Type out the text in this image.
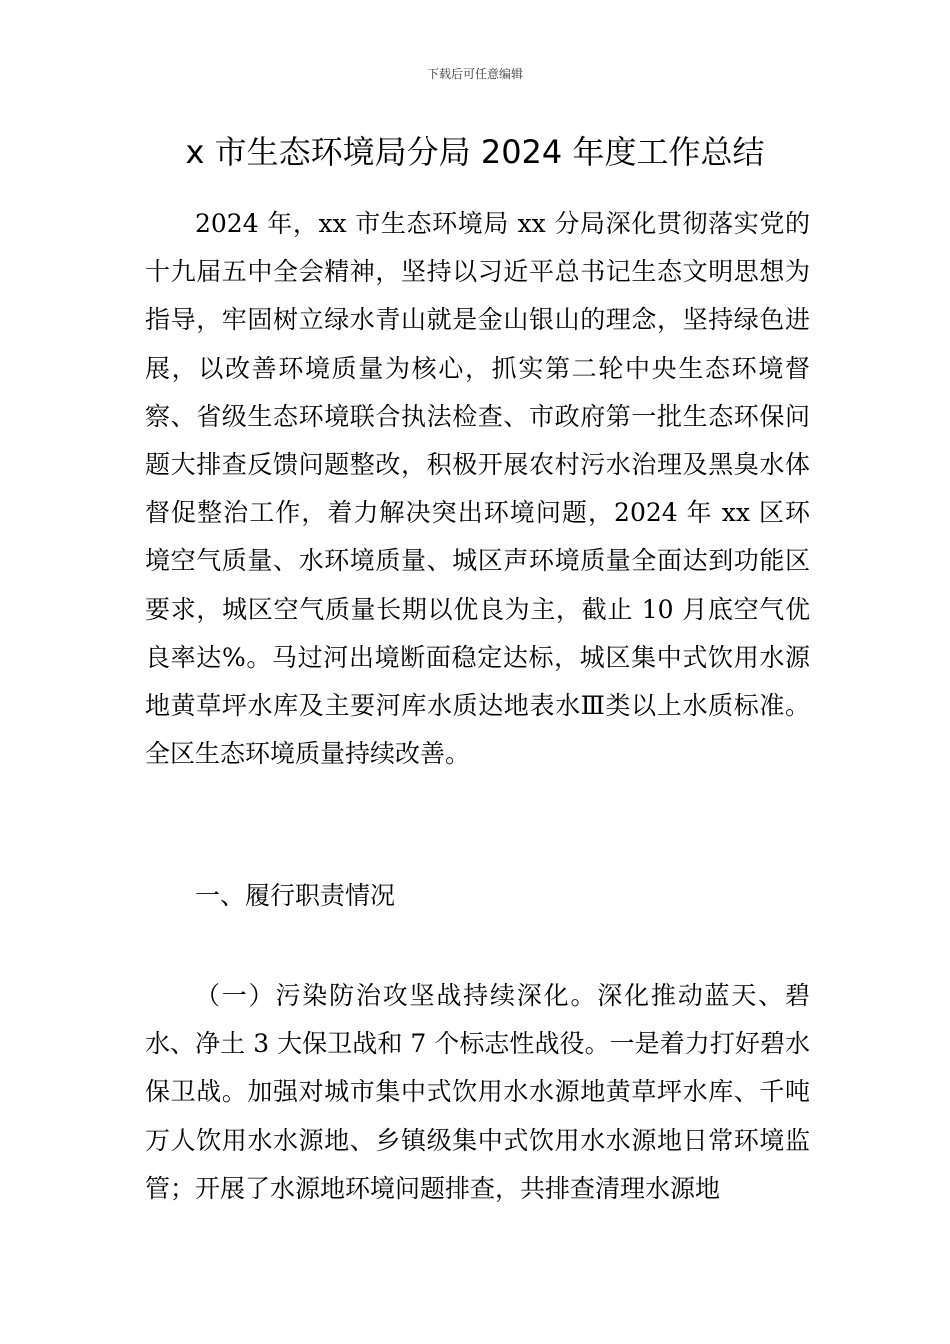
下载后可任意编辑
x 市生态环境局分局 2024 年度工作总结

2024 年，xx 市生态环境局 xx 分局深化贯彻落实党的十九届五中全会精神，坚持以习近平总书记生态文明思想为指导，牢固树立绿水青山就是金山银山的理念，坚持绿色进展，以改善环境质量为核心，抓实第二轮中央生态环境督察、省级生态环境联合执法检查、市政府第一批生态环保问题大排查反馈问题整改，积极开展农村污水治理及黑臭水体督促整治工作，着力解决突出环境问题，2024 年 xx 区环境空气质量、水环境质量、城区声环境质量全面达到功能区要求，城区空气质量长期以优良为主，截止 10 月底空气优良率达%。马过河出境断面稳定达标，城区集中式饮用水源地黄草坪水库及主要河库水质达地表水Ⅲ类以上水质标准。全区生态环境质量持续改善。

一、履行职责情况

（一）污染防治攻坚战持续深化。深化推动蓝天、碧水、净土 3 大保卫战和 7 个标志性战役。一是着力打好碧水保卫战。加强对城市集中式饮用水水源地黄草坪水库、千吨万人饮用水水源地、乡镇级集中式饮用水水源地日常环境监管；开展了水源地环境问题排查，共排查清理水源地
